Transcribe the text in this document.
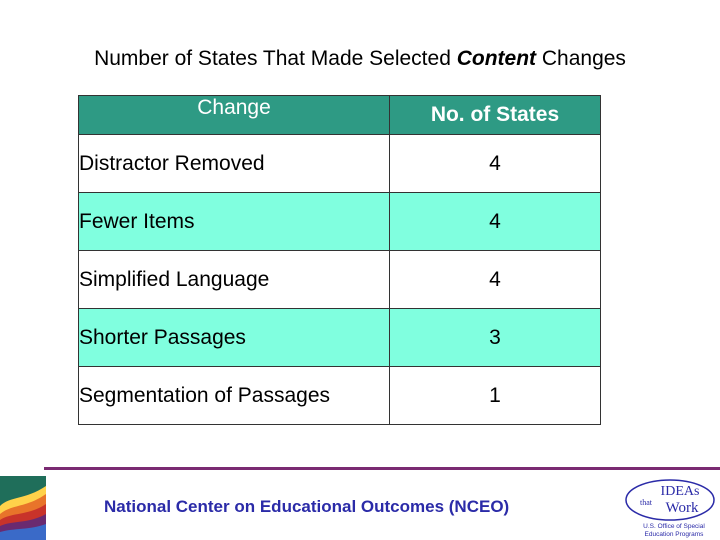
Number of States That Made Selected Content Changes
Change	No. of States
Distractor Removed	4
Fewer Items	4
Simplified Language	4
Shorter Passages	3
Segmentation of Passages	1
National Center on Educational Outcomes (NCEO)
IDEAs
that Work
U.S. Office of Special
Education Programs
